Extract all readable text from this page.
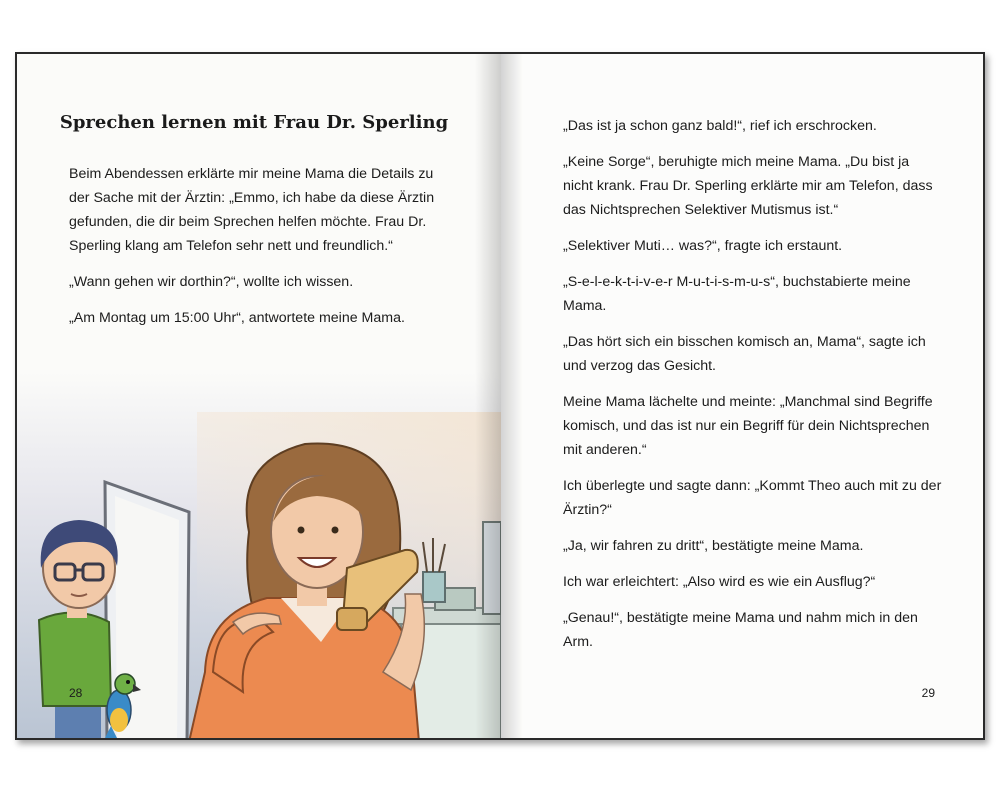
Sprechen lernen mit Frau Dr. Sperling

Beim Abendessen erklärte mir meine Mama die Details zu der Sache mit der Ärztin: „Emmo, ich habe da diese Ärztin gefunden, die dir beim Sprechen helfen möchte. Frau Dr. Sperling klang am Telefon sehr nett und freundlich.“

„Wann gehen wir dorthin?“, wollte ich wissen.

„Am Montag um 15:00 Uhr“, antwortete meine Mama.

28

„Das ist ja schon ganz bald!“, rief ich erschrocken.

„Keine Sorge“, beruhigte mich meine Mama. „Du bist ja nicht krank. Frau Dr. Sperling erklärte mir am Telefon, dass das Nichtsprechen Selektiver Mutismus ist.“

„Selektiver Muti… was?“, fragte ich erstaunt.

„S-e-l-e-k-t-i-v-e-r M-u-t-i-s-m-u-s“, buchstabierte meine Mama.

„Das hört sich ein bisschen komisch an, Mama“, sagte ich und verzog das Gesicht.

Meine Mama lächelte und meinte: „Manchmal sind Begriffe komisch, und das ist nur ein Begriff für dein Nichtsprechen mit anderen.“

Ich überlegte und sagte dann: „Kommt Theo auch mit zu der Ärztin?“

„Ja, wir fahren zu dritt“, bestätigte meine Mama.

Ich war erleichtert: „Also wird es wie ein Ausflug?“

„Genau!“, bestätigte meine Mama und nahm mich in den Arm.

29
